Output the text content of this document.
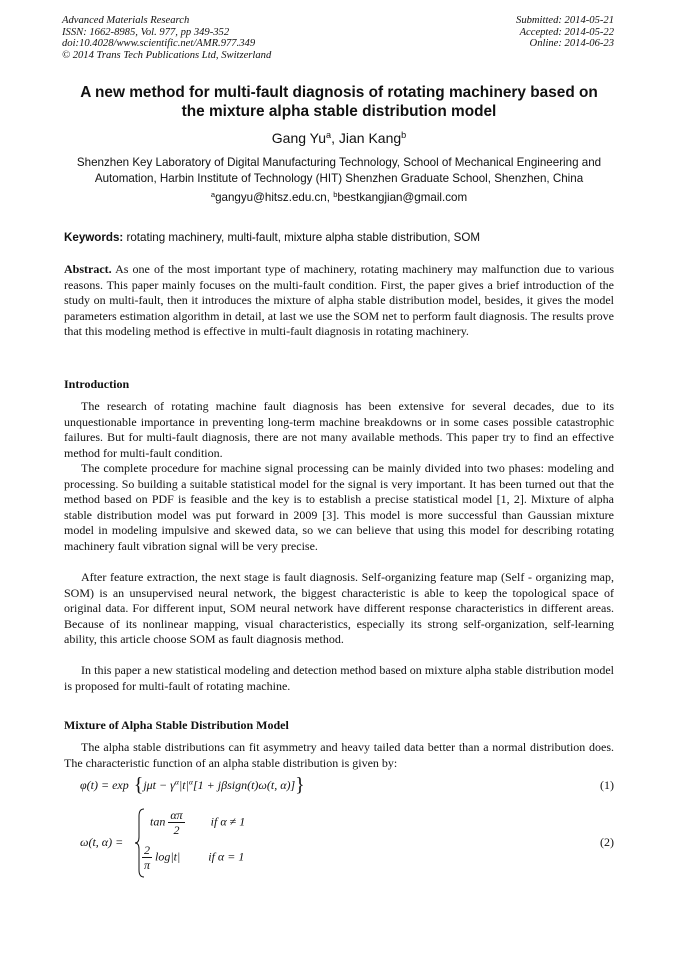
Advanced Materials Research
ISSN: 1662-8985, Vol. 977, pp 349-352
doi:10.4028/www.scientific.net/AMR.977.349
© 2014 Trans Tech Publications Ltd, Switzerland
Submitted: 2014-05-21
Accepted: 2014-05-22
Online: 2014-06-23
A new method for multi-fault diagnosis of rotating machinery based on
the mixture alpha stable distribution model
Gang Yu$^a$, Jian Kang$^b$
Shenzhen Key Laboratory of Digital Manufacturing Technology, School of Mechanical Engineering and Automation, Harbin Institute of Technology (HIT) Shenzhen Graduate School, Shenzhen, China
$^a$gangyu@hitsz.edu.cn, $^b$bestkangjian@gmail.com
Keywords: rotating machinery, multi-fault, mixture alpha stable distribution, SOM

Abstract. As one of the most important type of machinery, rotating machinery may malfunction due to various reasons. This paper mainly focuses on the multi-fault condition. First, the paper gives a brief introduction of the study on multi-fault, then it introduces the mixture of alpha stable distribution model, besides, it gives the model parameters estimation algorithm in detail, at last we use the SOM net to perform fault diagnosis. The results prove that this modeling method is effective in multi-fault diagnosis in rotating machinery.

Introduction

The research of rotating machine fault diagnosis has been extensive for several decades, due to its unquestionable importance in preventing long-term machine breakdowns or in some cases possible catastrophic failures. But for multi-fault diagnosis, there are not many available methods. This paper try to find an effective method for multi-fault condition.

The complete procedure for machine signal processing can be mainly divided into two phases: modeling and processing. So building a suitable statistical model for the signal is very important. It has been turned out that the method based on PDF is feasible and the key is to establish a precise statistical model [1, 2]. Mixture of alpha stable distribution model was put forward in 2009 [3]. This model is more successful than Gaussian mixture model in modeling impulsive and skewed data, so we can believe that using this model for describing rotating machinery fault vibration signal will be very precise.

After feature extraction, the next stage is fault diagnosis. Self-organizing feature map (Self - organizing map, SOM) is an unsupervised neural network, the biggest characteristic is able to keep the topological space of original data. For different input, SOM neural network have different response characteristics in different areas. Because of its nonlinear mapping, visual characteristics, especially its strong self-organization, self-learning ability, this article choose SOM as fault diagnosis method.

In this paper a new statistical modeling and detection method based on mixture alpha stable distribution model is proposed for multi-fault of rotating machine.

Mixture of Alpha Stable Distribution Model

The alpha stable distributions can fit asymmetry and heavy tailed data better than a normal distribution does. The characteristic function of an alpha stable distribution is given by:

$\varphi(t) = \exp \{j\mu t - \gamma^\alpha|t|^\alpha[1$ + jβsign(t)ω(t, α)]}	(1)
ω(t, α) =
$\tan \frac{\alpha\pi}{2}$ if α ≠ 1
$\frac{2}{\pi} \log|t|$ if α = 1
(2)
